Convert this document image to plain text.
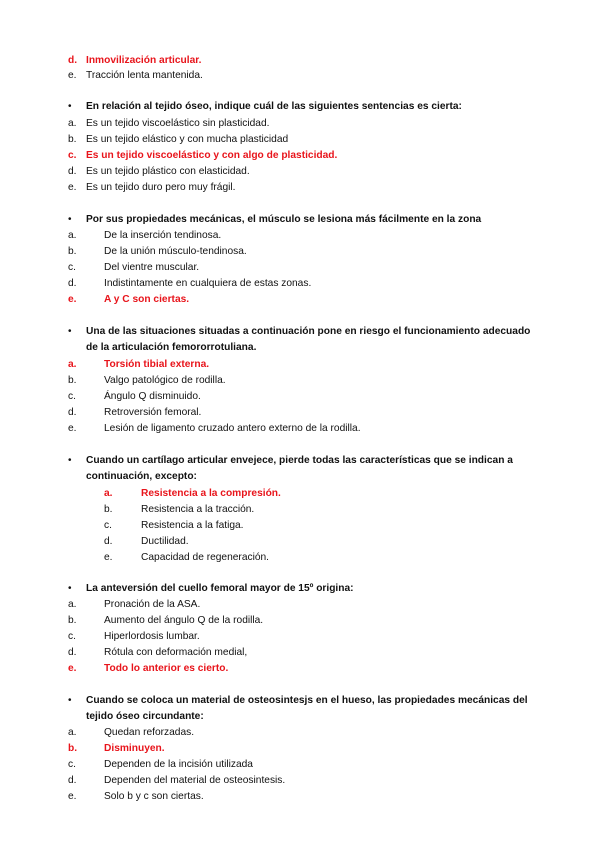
d. Inmovilización articular.
e. Tracción lenta mantenida.
• En relación al tejido óseo, indique cuál de las siguientes sentencias es cierta:
a. Es un tejido viscoelástico sin plasticidad.
b. Es un tejido elástico y con mucha plasticidad
c. Es un tejido viscoelástico y con algo de plasticidad.
d. Es un tejido plástico con elasticidad.
e. Es un tejido duro pero muy frágil.
• Por sus propiedades mecánicas, el músculo se lesiona más fácilmente en la zona
a.	De la inserción tendinosa.
b.	De la unión músculo-tendinosa.
c.	Del vientre muscular.
d.	Indistintamente en cualquiera de estas zonas.
e.	A y C son ciertas.
• Una de las situaciones situadas a continuación pone en riesgo el funcionamiento adecuado
de la articulación femororrotuliana.
a.	Torsión tibial externa.
b.	Valgo patológico de rodilla.
c.	Ángulo Q disminuido.
d.	Retroversión femoral.
e.	Lesión de ligamento cruzado antero externo de la rodilla.
• Cuando un cartílago articular envejece, pierde todas las características que se indican a
continuación, excepto:
a.	Resistencia a la compresión.
b.	Resistencia a la tracción.
c.	Resistencia a la fatiga.
d.	Ductilidad.
e.	Capacidad de regeneración.
• La anteversión del cuello femoral mayor de 15º origina:
a.	Pronación de la ASA.
b.	Aumento del ángulo Q de la rodilla.
c.	Hiperlordosis lumbar.
d.	Rótula con deformación medial,
e.	Todo lo anterior es cierto.
• Cuando se coloca un material de osteosintesjs en el hueso, las propiedades mecánicas del
tejido óseo circundante:
a.	Quedan reforzadas.
b.	Disminuyen.
c.	Dependen de la incisión utilizada
d.	Dependen del material de osteosintesis.
e.	Solo b y c son ciertas.
